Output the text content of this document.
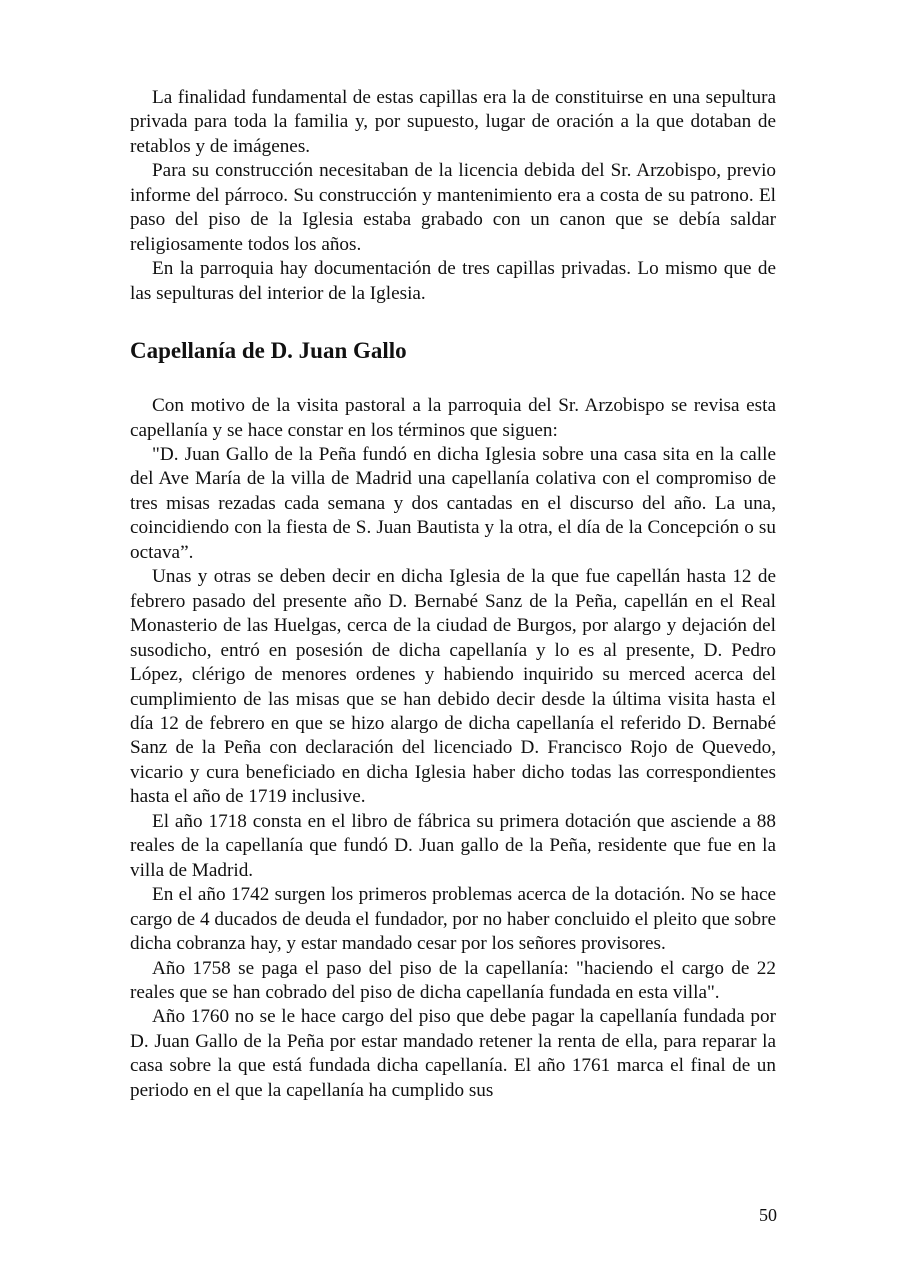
La finalidad fundamental de estas capillas era la de constituirse en una sepultura privada para toda la familia y, por supuesto, lugar de oración a la que dotaban de retablos y de imágenes.

Para su construcción necesitaban de la licencia debida del Sr. Arzobispo, previo informe del párroco. Su construcción y mantenimiento era a costa de su patrono. El paso del piso de la Iglesia estaba grabado con un canon que se debía saldar religiosamente todos los años.

En la parroquia hay documentación de tres capillas privadas. Lo mismo que de las sepulturas del interior de la Iglesia.

Capellanía de D. Juan Gallo

Con motivo de la visita pastoral a la parroquia del Sr. Arzobispo se revisa esta capellanía y se hace constar en los términos que siguen:

"D. Juan Gallo de la Peña fundó en dicha Iglesia sobre una casa sita en la calle del Ave María de la villa de Madrid una capellanía colativa con el compromiso de tres misas rezadas cada semana y dos cantadas en el discurso del año. La una, coincidiendo con la fiesta de S. Juan Bautista y la otra, el día de la Concepción o su octava”.

Unas y otras se deben decir en dicha Iglesia de la que fue capellán hasta 12 de febrero pasado del presente año D. Bernabé Sanz de la Peña, capellán en el Real Monasterio de las Huelgas, cerca de la ciudad de Burgos, por alargo y dejación del susodicho, entró en posesión de dicha capellanía y lo es al presente, D. Pedro López, clérigo de menores ordenes y habiendo inquirido su merced acerca del cumplimiento de las misas que se han debido decir desde la última visita hasta el día 12 de febrero en que se hizo alargo de dicha capellanía el referido D. Bernabé Sanz de la Peña con declaración del licenciado D. Francisco Rojo de Quevedo, vicario y cura beneficiado en dicha Iglesia haber dicho todas las correspondientes hasta el año de 1719 inclusive.

El año 1718 consta en el libro de fábrica su primera dotación que asciende a 88 reales de la capellanía que fundó D. Juan gallo de la Peña, residente que fue en la villa de Madrid.

En el año 1742 surgen los primeros problemas acerca de la dotación. No se hace cargo de 4 ducados de deuda el fundador, por no haber concluido el pleito que sobre dicha cobranza hay, y estar mandado cesar por los señores provisores.

Año 1758 se paga el paso del piso de la capellanía: "haciendo el cargo de 22 reales que se han cobrado del piso de dicha capellanía fundada en esta villa".

Año 1760 no se le hace cargo del piso que debe pagar la capellanía fundada por D. Juan Gallo de la Peña por estar mandado retener la renta de ella, para reparar la casa sobre la que está fundada dicha capellanía. El año 1761 marca el final de un periodo en el que la capellanía ha cumplido sus

50
